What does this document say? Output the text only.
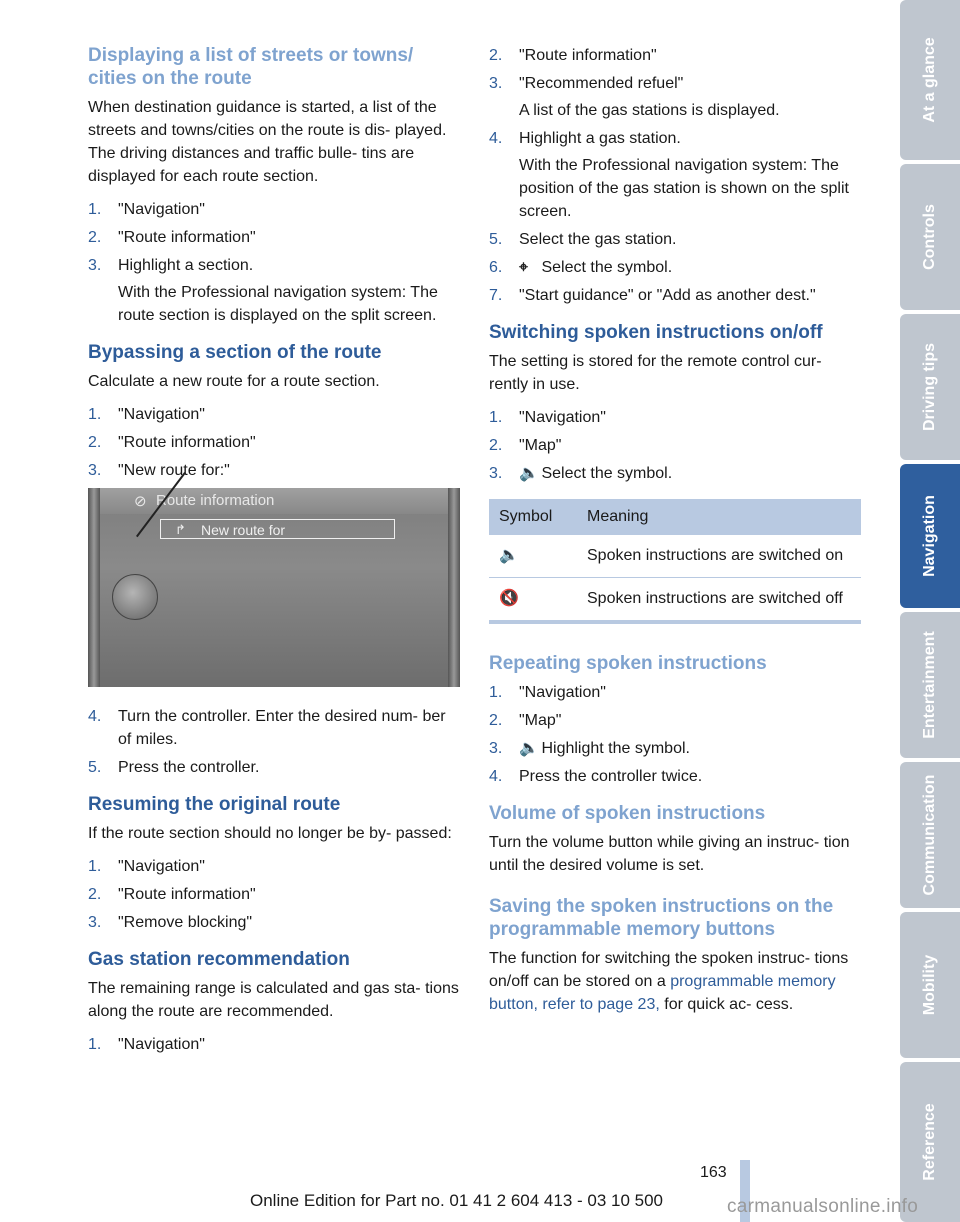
Displaying a list of streets or towns/ cities on the route

When destination guidance is started, a list of the streets and towns/cities on the route is dis- played. The driving distances and traffic bulle- tins are displayed for each route section.

1. "Navigation"
2. "Route information"
3. Highlight a section.
With the Professional navigation system: The route section is displayed on the split screen.
Bypassing a section of the route

Calculate a new route for a route section.

1. "Navigation"
2. "Route information"
3. "New route for:"
⊘ Route information
↱ New route for
4. Turn the controller. Enter the desired num- ber of miles.
5. Press the controller.
Resuming the original route

If the route section should no longer be by- passed:

1. "Navigation"
2. "Route information"
3. "Remove blocking"
Gas station recommendation

The remaining range is calculated and gas sta- tions along the route are recommended.

1. "Navigation"
2. "Route information"
3. "Recommended refuel"
A list of the gas stations is displayed.
4. Highlight a gas station.
With the Professional navigation system: The position of the gas station is shown on the split screen.
5. Select the gas station.
6. ⌖ Select the symbol.
7. "Start guidance" or "Add as another dest."
Switching spoken instructions on/off

The setting is stored for the remote control cur- rently in use.

1. "Navigation"
2. "Map"
3. 🔈 Select the symbol.
Symbol	Meaning
🔈	Spoken instructions are switched on
🔇	Spoken instructions are switched off
Repeating spoken instructions
1. "Navigation"
2. "Map"
3. 🔈 Highlight the symbol.
4. Press the controller twice.
Volume of spoken instructions

Turn the volume button while giving an instruc- tion until the desired volume is set.

Saving the spoken instructions on the programmable memory buttons

The function for switching the spoken instruc- tions on/off can be stored on a programmable memory button, refer to page 23, for quick ac- cess.

At a glance
Controls
Driving tips
Navigation
Entertainment
Communication
Mobility
Reference
163
Online Edition for Part no. 01 41 2 604 413 - 03 10 500	carmanualsonline.info
